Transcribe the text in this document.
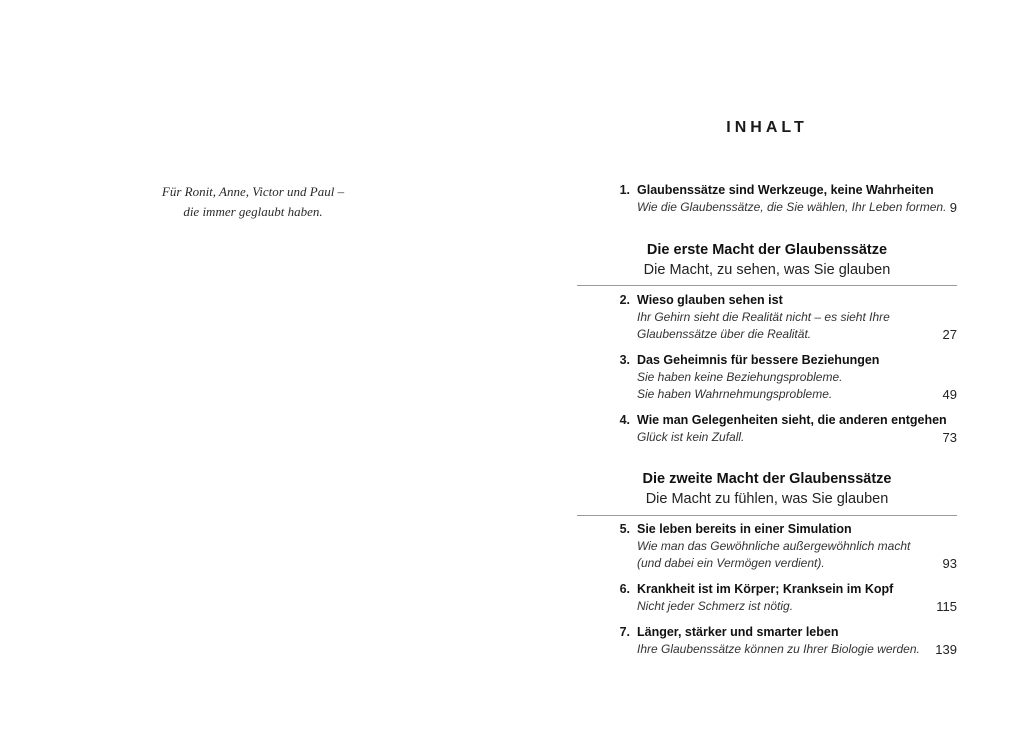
Für Ronit, Anne, Victor und Paul –
die immer geglaubt haben.
INHALT
1. Glaubenssätze sind Werkzeuge, keine Wahrheiten
Wie die Glaubenssätze, die Sie wählen, Ihr Leben formen. 9
Die erste Macht der Glaubenssätze
Die Macht, zu sehen, was Sie glauben
2. Wieso glauben sehen ist
Ihr Gehirn sieht die Realität nicht – es sieht Ihre
Glaubenssätze über die Realität.	27
3. Das Geheimnis für bessere Beziehungen
Sie haben keine Beziehungsprobleme.
Sie haben Wahrnehmungsprobleme.	49
4. Wie man Gelegenheiten sieht, die anderen entgehen
Glück ist kein Zufall.	73
Die zweite Macht der Glaubenssätze
Die Macht zu fühlen, was Sie glauben
5. Sie leben bereits in einer Simulation
Wie man das Gewöhnliche außergewöhnlich macht
(und dabei ein Vermögen verdient).	93
6. Krankheit ist im Körper; Kranksein im Kopf
Nicht jeder Schmerz ist nötig.	115
7. Länger, stärker und smarter leben
Ihre Glaubenssätze können zu Ihrer Biologie werden. 139
